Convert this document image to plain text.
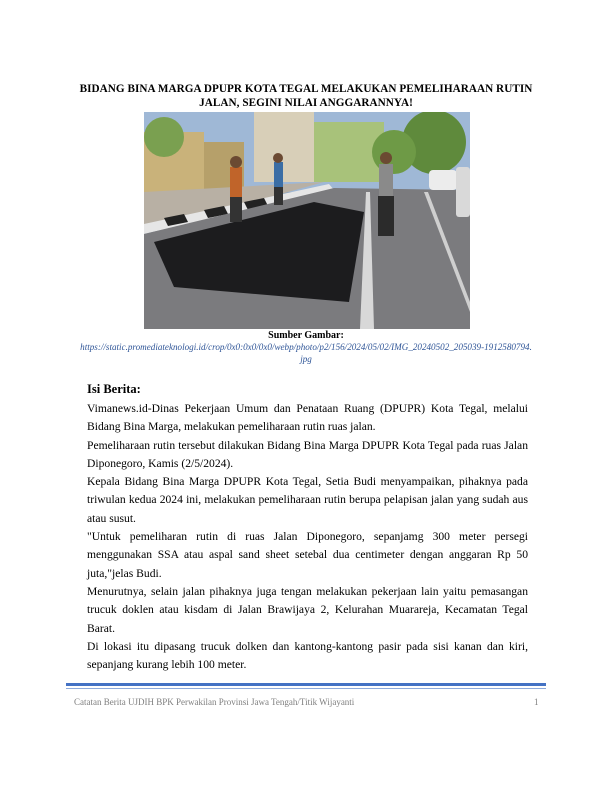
BIDANG BINA MARGA DPUPR KOTA TEGAL MELAKUKAN PEMELIHARAAN RUTIN JALAN, SEGINI NILAI ANGGARANNYA!

Sumber Gambar:

https://static.promediateknologi.id/crop/0x0:0x0/0x0/webp/photo/p2/156/2024/05/02/IMG_20240502_205039-1912580794.jpg

Isi Berita:

Vimanews.id-Dinas Pekerjaan Umum dan Penataan Ruang (DPUPR) Kota Tegal, melalui Bidang Bina Marga, melakukan pemeliharaan rutin ruas jalan.

Pemeliharaan rutin tersebut dilakukan Bidang Bina Marga DPUPR Kota Tegal pada ruas Jalan Diponegoro, Kamis (2/5/2024).

Kepala Bidang Bina Marga DPUPR Kota Tegal, Setia Budi menyampaikan, pihaknya pada triwulan kedua 2024 ini, melakukan pemeliharaan rutin berupa pelapisan jalan yang sudah aus atau susut.

"Untuk pemeliharan rutin di ruas Jalan Diponegoro, sepanjamg 300 meter persegi menggunakan SSA atau aspal sand sheet setebal dua centimeter dengan anggaran Rp 50 juta,"jelas Budi.

Menurutnya, selain jalan pihaknya juga tengan melakukan pekerjaan lain yaitu pemasangan trucuk doklen atau kisdam di Jalan Brawijaya 2, Kelurahan Muarareja, Kecamatan Tegal Barat.

Di lokasi itu dipasang trucuk dolken dan kantong-kantong pasir pada sisi kanan dan kiri, sepanjang kurang lebih 100 meter.

Catatan Berita UJDIH BPK Perwakilan Provinsi Jawa Tengah/Titik Wijayanti	1
